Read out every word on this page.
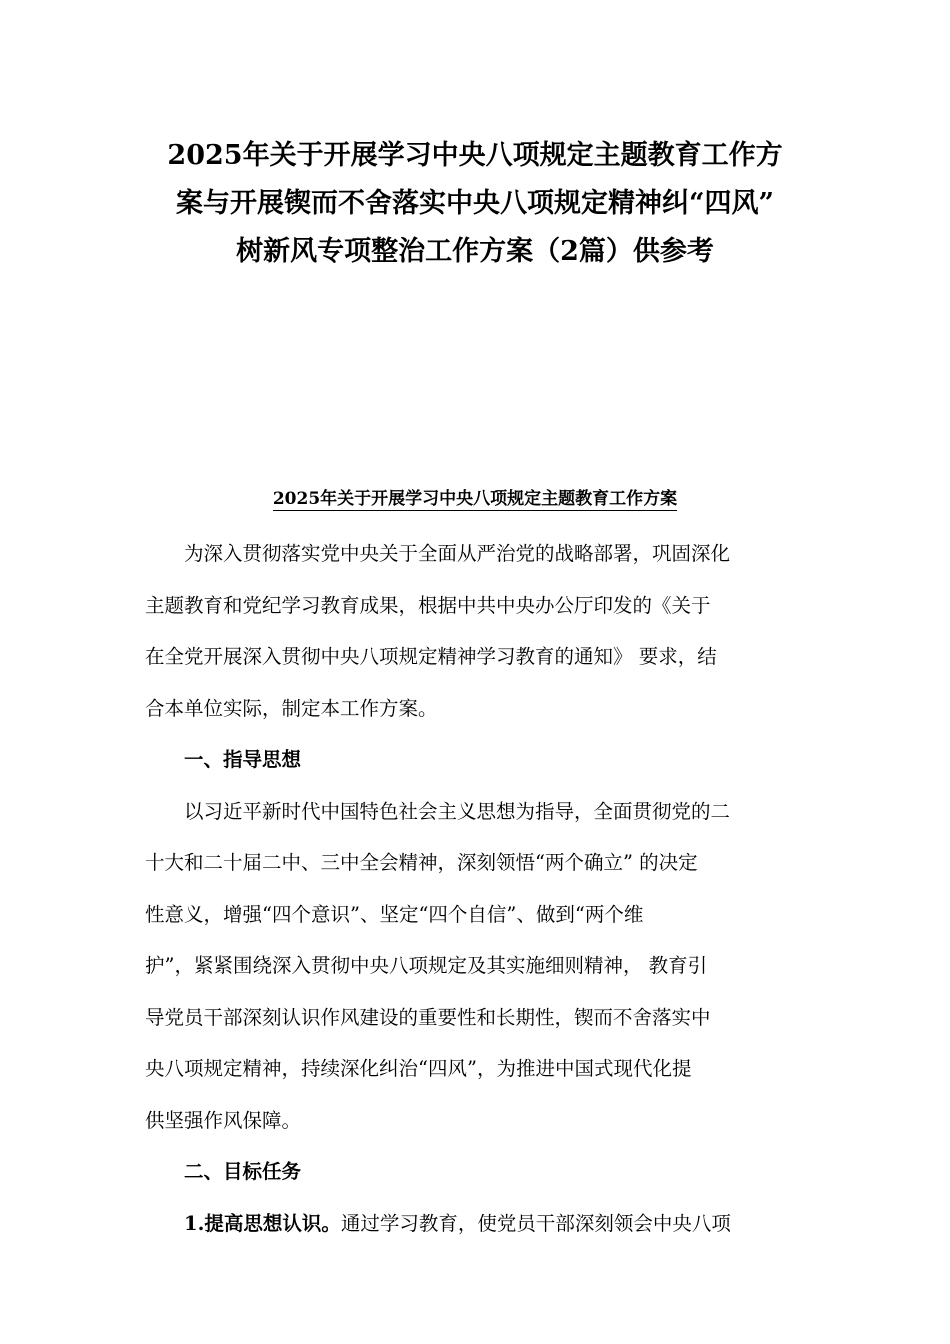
2025年关于开展学习中央八项规定主题教育工作方
案与开展锲而不舍落实中央八项规定精神纠“四风”
树新风专项整治工作方案（2篇）供参考
2025年关于开展学习中央八项规定主题教育工作方案

为深入贯彻落实党中央关于全面从严治党的战略部署，巩固深化
主题教育和党纪学习教育成果，根据中共中央办公厅印发的《关于
在全党开展深入贯彻中央八项规定精神学习教育的通知》 要求，结
合本单位实际，制定本工作方案。

一、指导思想

以习近平新时代中国特色社会主义思想为指导，全面贯彻党的二
十大和二十届二中、三中全会精神，深刻领悟“两个确立” 的决定
性意义，增强“四个意识”、坚定“四个自信”、做到“两个维
护”，紧紧围绕深入贯彻中央八项规定及其实施细则精神， 教育引
导党员干部深刻认识作风建设的重要性和长期性，锲而不舍落实中
央八项规定精神，持续深化纠治“四风”，为推进中国式现代化提
供坚强作风保障。

二、目标任务

1.提高思想认识。通过学习教育，使党员干部深刻领会中央八项
